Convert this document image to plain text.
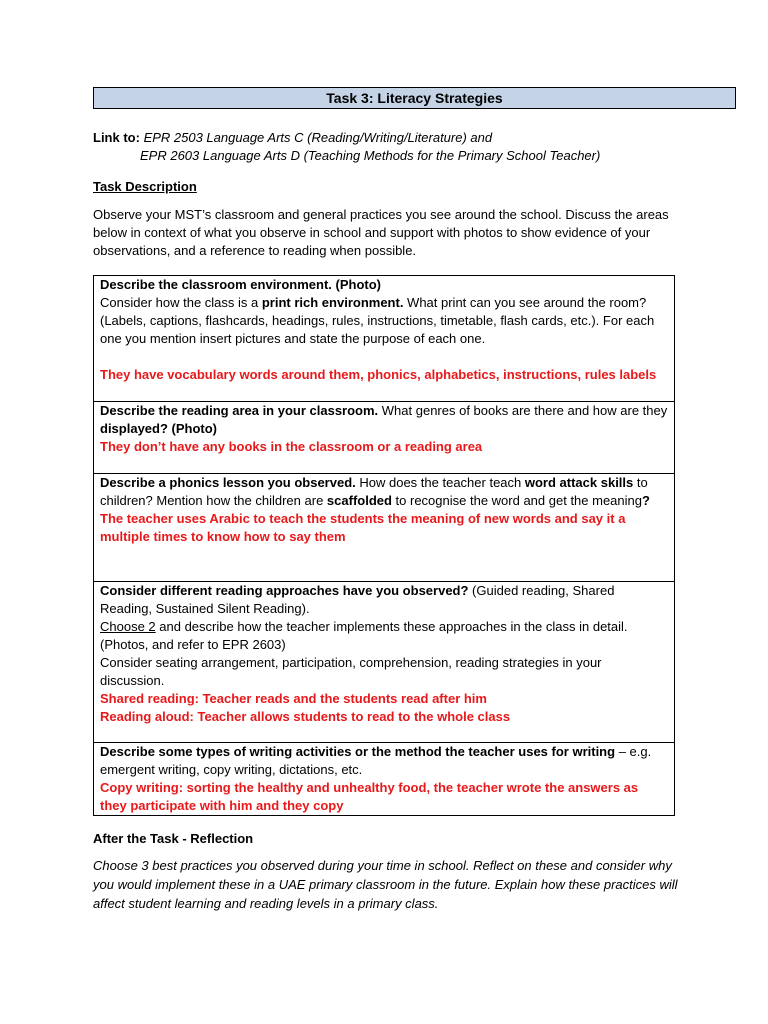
Task 3: Literacy Strategies
Link to: EPR 2503 Language Arts C (Reading/Writing/Literature) and
EPR 2603 Language Arts D (Teaching Methods for the Primary School Teacher)
Task Description
Observe your MST’s classroom and general practices you see around the school. Discuss the areas below in context of what you observe in school and support with photos to show evidence of your observations, and a reference to reading when possible.
Describe the classroom environment. (Photo)
Consider how the class is a print rich environment. What print can you see around the room? (Labels, captions, flashcards, headings, rules, instructions, timetable, flash cards, etc.). For each one you mention insert pictures and state the purpose of each one.
They have vocabulary words around them, phonics, alphabetics, instructions, rules labels

Describe the reading area in your classroom. What genres of books are there and how are they displayed? (Photo)
They don’t have any books in the classroom or a reading area

Describe a phonics lesson you observed. How does the teacher teach word attack skills to children? Mention how the children are scaffolded to recognise the word and get the meaning?
The teacher uses Arabic to teach the students the meaning of new words and say it a multiple times to know how to say them

Consider different reading approaches have you observed? (Guided reading, Shared Reading, Sustained Silent Reading).
Choose 2 and describe how the teacher implements these approaches in the class in detail. (Photos, and refer to EPR 2603)
Consider seating arrangement, participation, comprehension, reading strategies in your discussion.
Shared reading: Teacher reads and the students read after him
Reading aloud: Teacher allows students to read to the whole class

Describe some types of writing activities or the method the teacher uses for writing – e.g. emergent writing, copy writing, dictations, etc.
Copy writing: sorting the healthy and unhealthy food, the teacher wrote the answers as they participate with him and they copy
After the Task - Reflection
Choose 3 best practices you observed during your time in school. Reflect on these and consider why you would implement these in a UAE primary classroom in the future. Explain how these practices will affect student learning and reading levels in a primary class.
